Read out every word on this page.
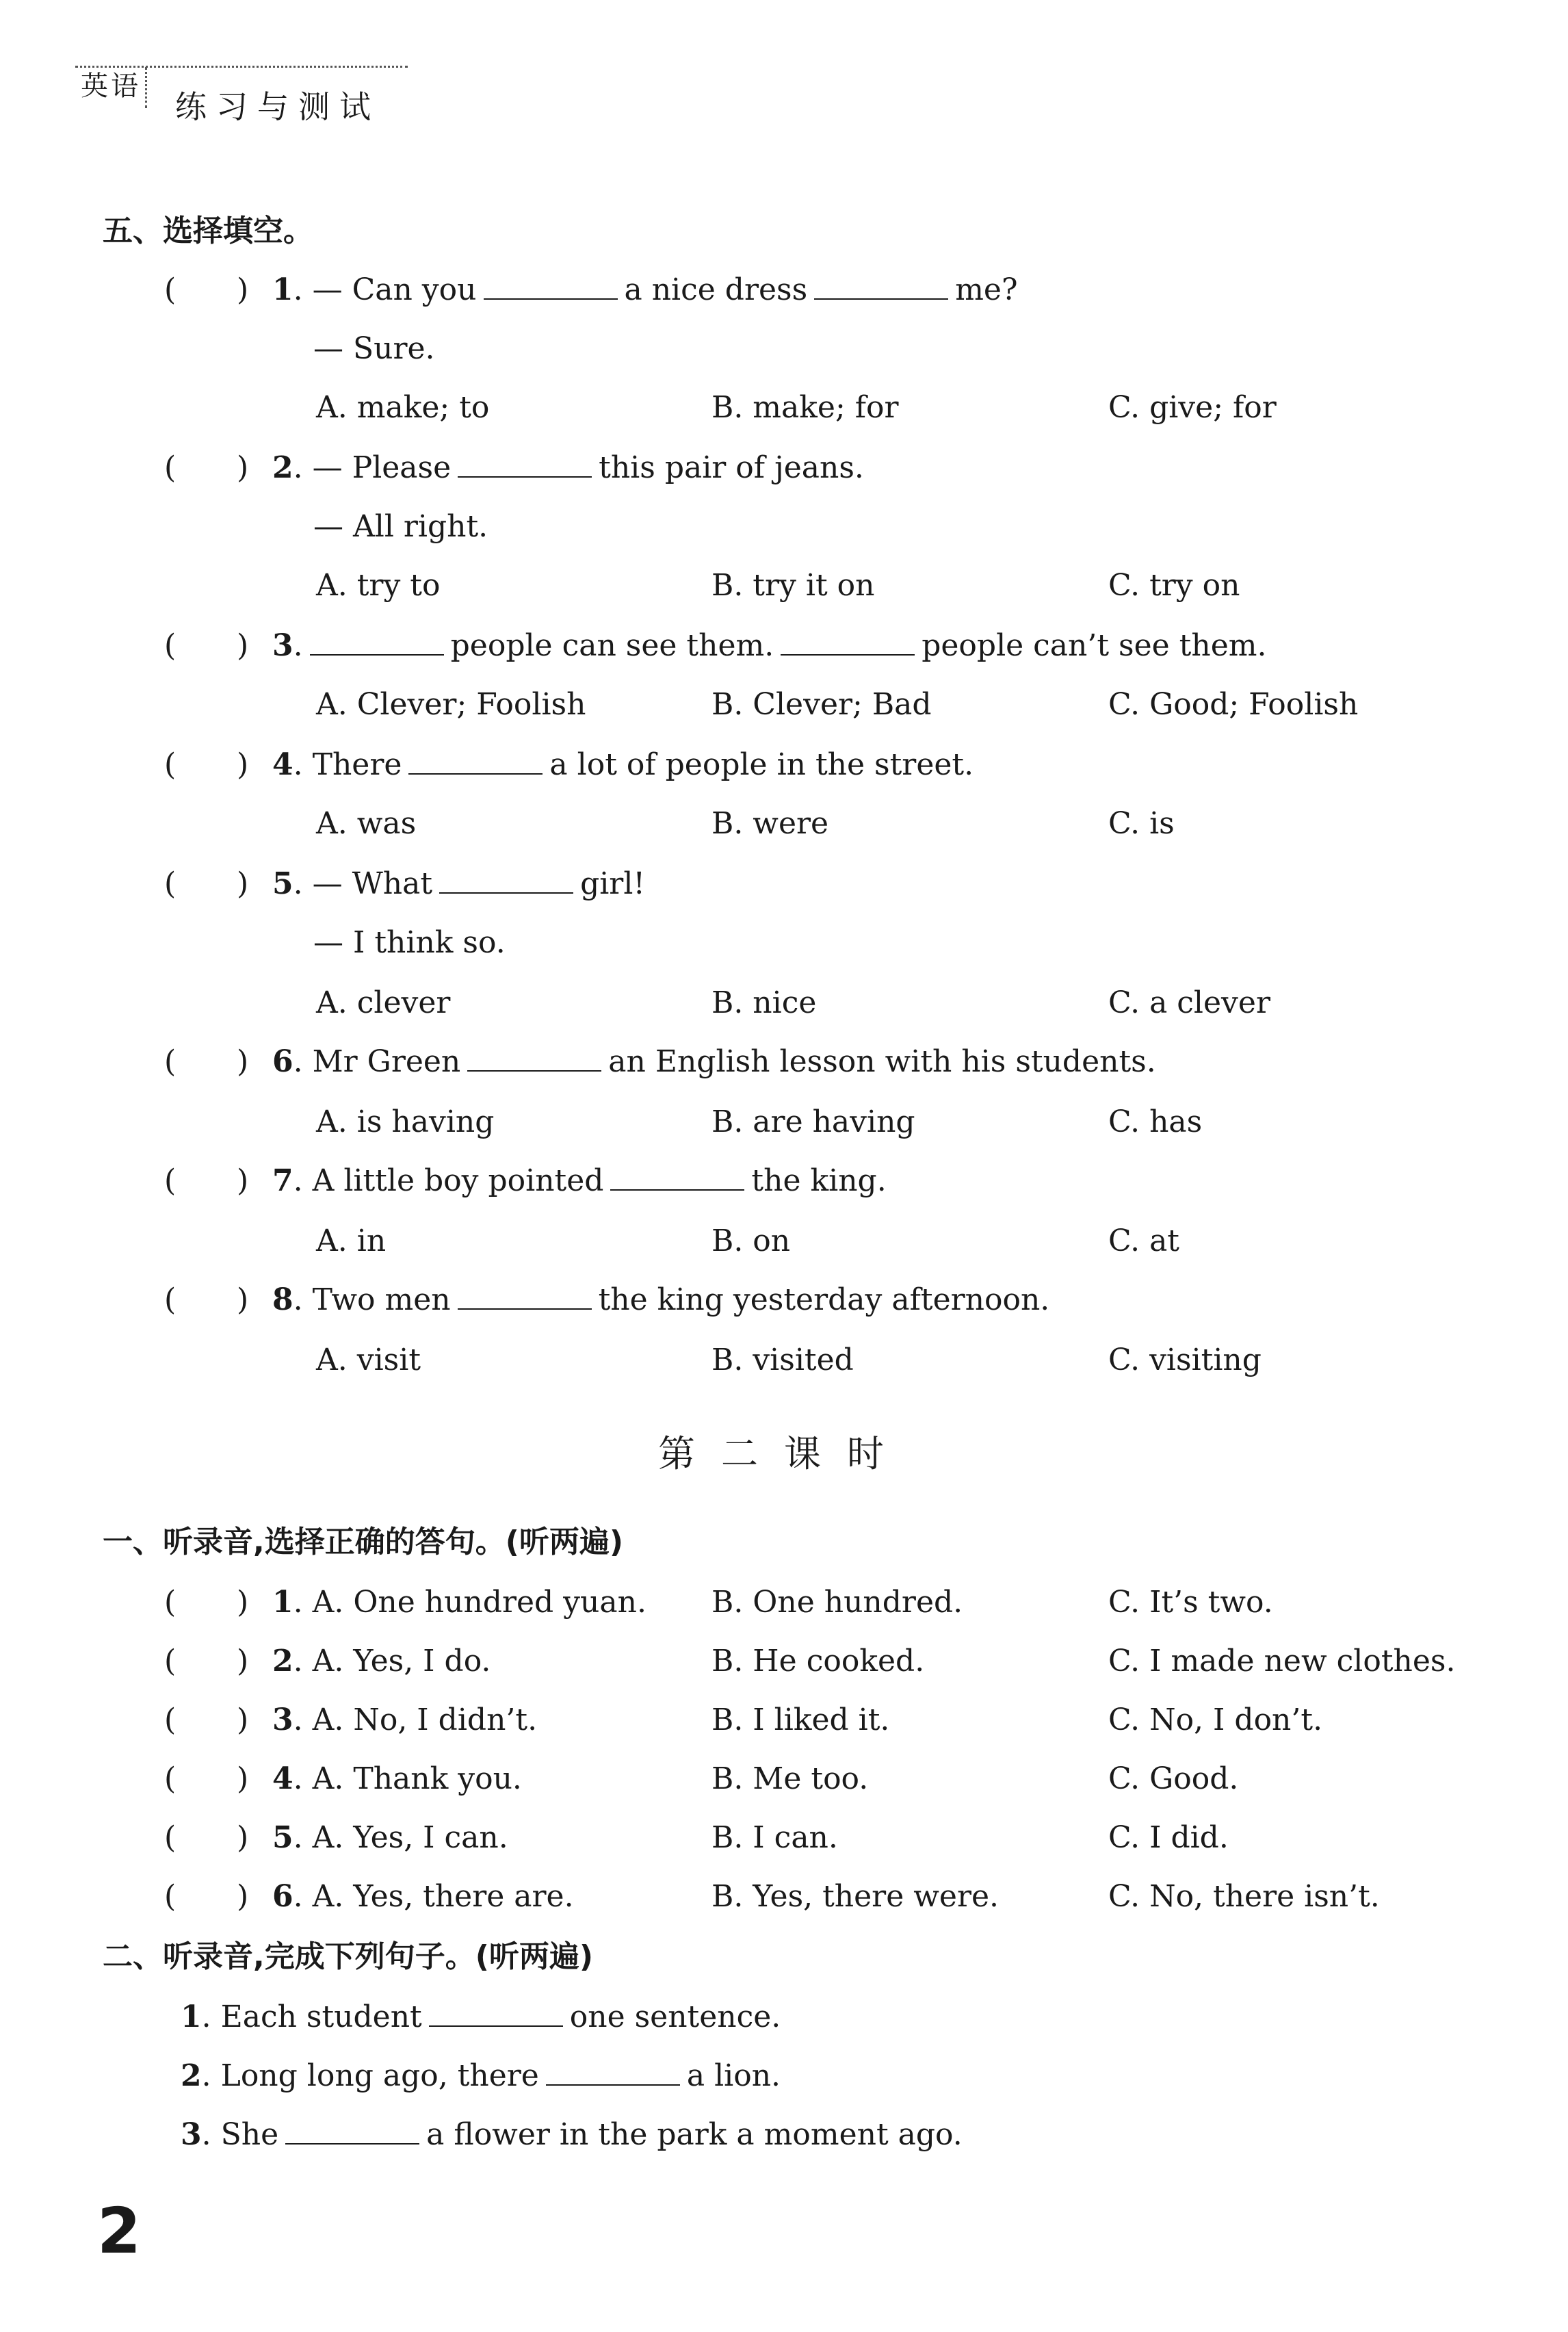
英语
练习与测试
五、选择填空。
( ) 1. — Can you	a nice dress	me?
— Sure.
A. make; to	B. make; for	C. give; for
( ) 2. — Please	this pair of jeans.
— All right.
A. try to	B. try it on	C. try on
( ) 3.	people can see them.	people can’t see them.
A. Clever; Foolish	B. Clever; Bad	C. Good; Foolish
( ) 4. There	a lot of people in the street.
A. was	B. were	C. is
( ) 5. — What	girl!
— I think so.
A. clever	B. nice	C. a clever
( ) 6. Mr Green	an English lesson with his students.
A. is having	B. are having	C. has
( ) 7. A little boy pointed	the king.
A. in	B. on	C. at
( ) 8. Two men	the king yesterday afternoon.
A. visit	B. visited	C. visiting
第二课时
一、听录音,选择正确的答句。(听两遍)
( ) 1. A. One hundred yuan. B. One hundred.	C. It’s two.
( ) 2. A. Yes, I do.	B. He cooked.	C. I made new clothes.
( ) 3. A. No, I didn’t.	B. I liked it.	C. No, I don’t.
( ) 4. A. Thank you.	B. Me too.	C. Good.
( ) 5. A. Yes, I can.	B. I can.	C. I did.
( ) 6. A. Yes, there are.	B. Yes, there were.	C. No, there isn’t.
二、听录音,完成下列句子。(听两遍)
1. Each student	one sentence.
2. Long long ago, there	a lion.
3. She	a flower in the park a moment ago.
2
